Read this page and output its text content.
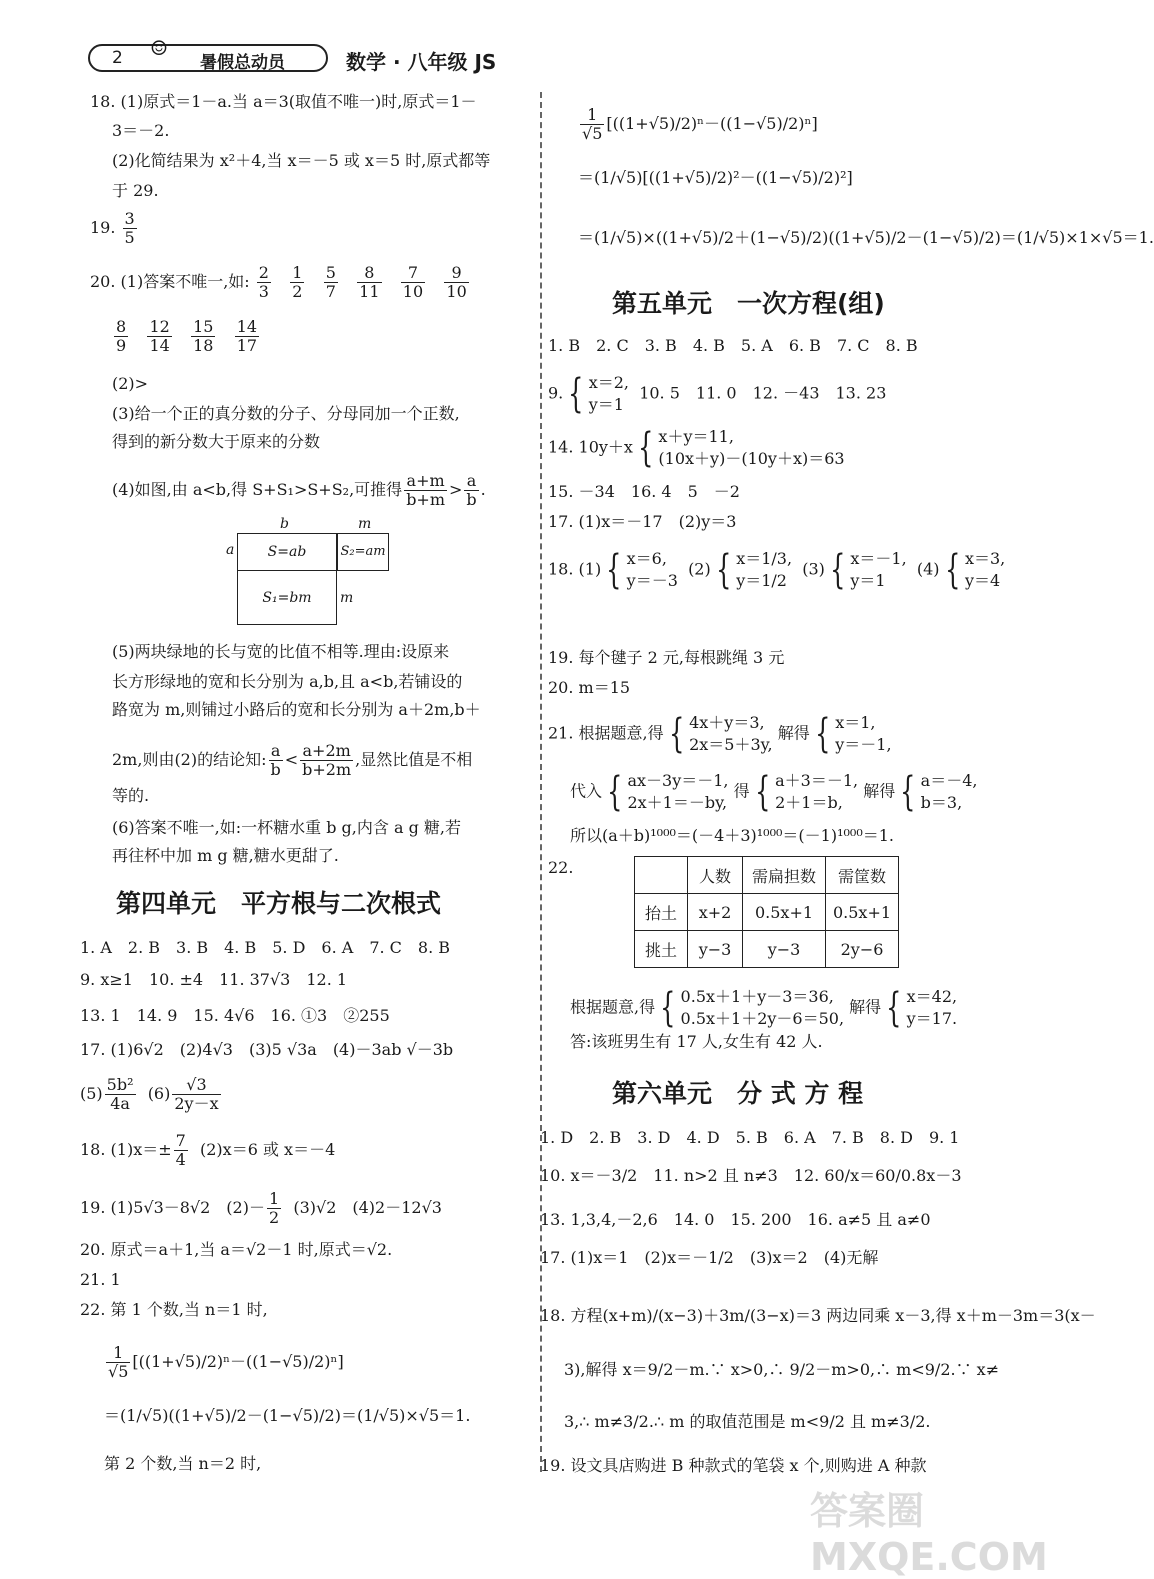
2	暑假总动员
☺
数学 · 八年级 JS
18. (1)原式＝1－a.当 a＝3(取值不唯一)时,原式＝1－
3＝－2.
(2)化简结果为 x²＋4,当 x＝－5 或 x＝5 时,原式都等
于 29.
19. $\frac{3}{5}$
20. (1)答案不唯一,如: $\frac{2}{3}$
$\frac{1}{2}$
$\frac{5}{7}$
$\frac{8}{11}$
$\frac{7}{10}$
$\frac{9}{10}$
$\frac{8}{9}$
$\frac{12}{14}$
$\frac{15}{18}$
$\frac{14}{17}$
(2)>
(3)给一个正的真分数的分子、分母同加一个正数,
得到的新分数大于原来的分数
(4)如图,由 a<b,得 S+S₁>S+S₂,可推得 $\frac{a+m}{b+m} > \frac{a}{b}$ .
b	m
a	S=ab	S₂=am
S₁=bm	m
(5)两块绿地的长与宽的比值不相等.理由:设原来
长方形绿地的宽和长分别为 a,b,且 a<b,若铺设的
路宽为 m,则铺过小路后的宽和长分别为 a＋2m,b＋
2m,则由(2)的结论知: $\frac{a}{b} < \frac{a+2m}{b+2m}$ ,显然比值是不相
等的.
(6)答案不唯一,如:一杯糖水重 b g,内含 a g 糖,若
再往杯中加 m g 糖,糖水更甜了.
第四单元　平方根与二次根式
1. A　2. B　3. B　4. B　5. D　6. A　7. C　8. B
9. x≥1　10. ±4　11. 37√3　12. 1
13. 1　14. 9　15. 4√6　16. ①3　②255
17. (1)6√2　(2)4√3　(3)5 √3a　(4)－3ab √－3b
$(5) \frac{\text{5b²}}{4a} (6) \frac{√3}{2y-x}$
18. $(1)x=\pm \frac{7}{4} (2)x=6$ 或 x＝－4
19. (1)5√3－8√2　$(2)- \frac{1}{2} (3)√2$　(4)2－12√3
20. 原式＝a＋1,当 a＝√2－1 时,原式＝√2.
21. 1
22. 第 1 个数,当 n＝1 时,
$\frac{1}{√5} [((1+√5)/2)^n-((1-√5)/2)^n]$
＝(1/√5)((1+√5)/2－(1−√5)/2)＝(1/√5)×√5＝1.
第 2 个数,当 n＝2 时,
$\frac{1}{√5} [((1+√5)/2)^n-((1-√5)/2)^n]$
＝(1/√5)[((1+√5)/2)²－((1−√5)/2)²]
＝(1/√5)×((1+√5)/2＋(1−√5)/2)((1+√5)/2－(1−√5)/2)＝(1/√5)×1×√5＝1.
第五单元　一次方程(组)
1. B　2. C　3. B　4. B　5. A　6. B　7. C　8. B
9. { x＝2,
y＝1  10. 5　11. 0　12. －43　13. 23
14. 10y＋x { x＋y＝11,
(10x＋y)－(10y＋x)＝63
15. －34　16. 4　5　－2
17. (1)x＝－17　(2)y＝3
18. (1) { x＝6,
y＝－3  (2) { x＝1/3,
y＝1/2  (3) { x＝－1,
y＝1  (4) { x＝3,
y＝4
19. 每个毽子 2 元,每根跳绳 3 元
20. m＝15
21. 根据题意,得 { 4x＋y＝3,
2x＝5＋3y, 解得 { x＝1,
y＝－1,
代入 { ax－3y＝－1,
2x＋1＝－by, 得 { a＋3＝－1,
2＋1＝b, 解得 { a＝－4,
b＝3,
所以(a＋b)¹⁰⁰⁰＝(－4＋3)¹⁰⁰⁰＝(－1)¹⁰⁰⁰＝1.
22.
		人数	需扁担数	需筐数
抬土	x+2	0.5x+1	0.5x+1
挑土	y−3	y−3	2y−6
根据题意,得 { 0.5x＋1＋y－3＝36,
0.5x＋1＋2y－6＝50, 解得 { x＝42,
y＝17.
答:该班男生有 17 人,女生有 42 人.
第六单元　分 式 方 程
1. D　2. B　3. D　4. D　5. B　6. A　7. B　8. D　9. 1
10. x＝－3/2　11. n>2 且 n≠3　12. 60/x＝60/0.8x－3
13. 1,3,4,－2,6　14. 0　15. 200　16. a≠5 且 a≠0
17. (1)x＝1　(2)x＝－1/2　(3)x＝2　(4)无解
18. 方程(x+m)/(x−3)＋3m/(3−x)＝3 两边同乘 x－3,得 x＋m－3m＝3(x－
3),解得 x＝9/2－m.∵ x>0,∴ 9/2－m>0,∴ m<9/2.∵ x≠
3,∴ m≠3/2.∴ m 的取值范围是 m<9/2 且 m≠3/2.
19. 设文具店购进 B 种款式的笔袋 x 个,则购进 A 种款
答案圈 MXQE.COM
